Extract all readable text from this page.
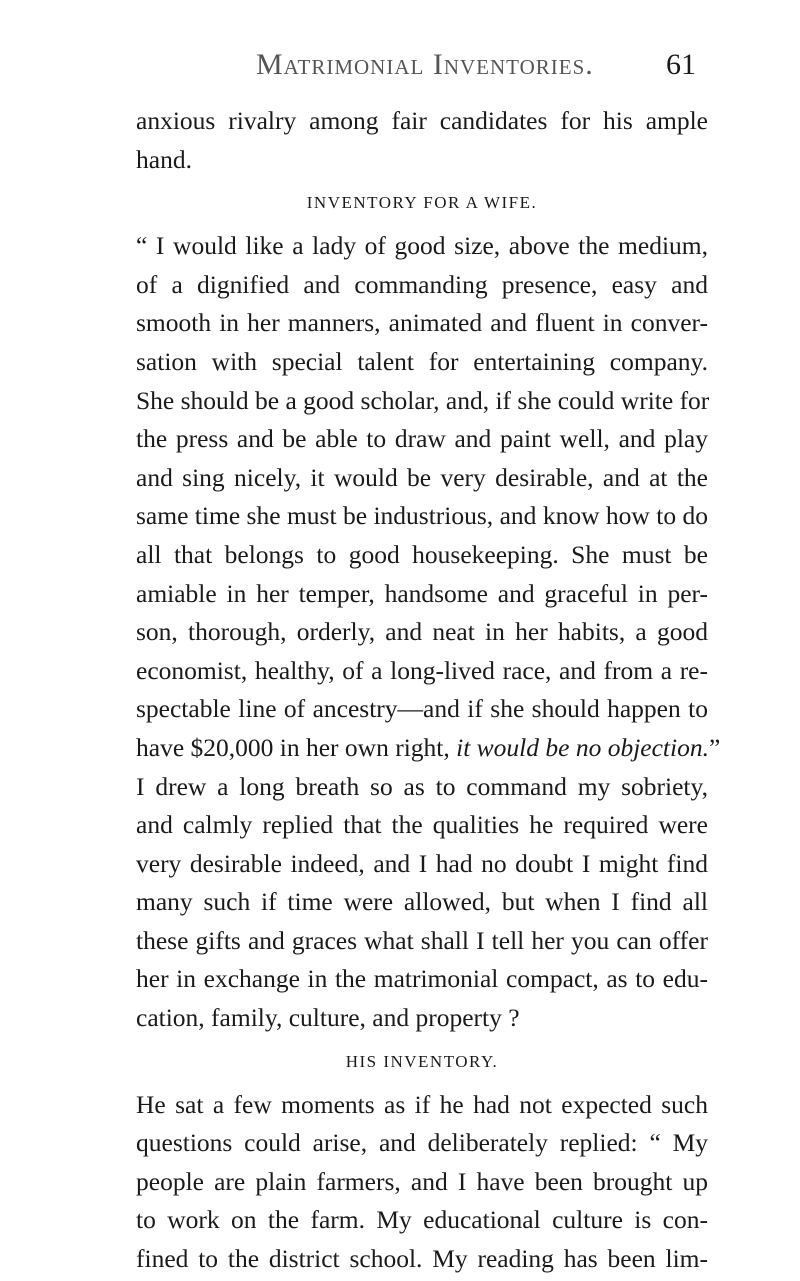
Matrimonial Inventories. 61
anxious rivalry among fair candidates for his ample
hand.
INVENTORY FOR A WIFE.
“ I would like a lady of good size, above the medium,
of a dignified and commanding presence, easy and
smooth in her manners, animated and fluent in conver-
sation with special talent for entertaining company.
She should be a good scholar, and, if she could write for
the press and be able to draw and paint well, and play
and sing nicely, it would be very desirable, and at the
same time she must be industrious, and know how to do
all that belongs to good housekeeping. She must be
amiable in her temper, handsome and graceful in per-
son, thorough, orderly, and neat in her habits, a good
economist, healthy, of a long-lived race, and from a re-
spectable line of ancestry—and if she should happen to
have $20,000 in her own right, it would be no objection.”
I drew a long breath so as to command my sobriety,
and calmly replied that the qualities he required were
very desirable indeed, and I had no doubt I might find
many such if time were allowed, but when I find all
these gifts and graces what shall I tell her you can offer
her in exchange in the matrimonial compact, as to edu-
cation, family, culture, and property ?
HIS INVENTORY.
He sat a few moments as if he had not expected such
questions could arise, and deliberately replied: “ My
people are plain farmers, and I have been brought up
to work on the farm. My educational culture is con-
fined to the district school. My reading has been lim-
